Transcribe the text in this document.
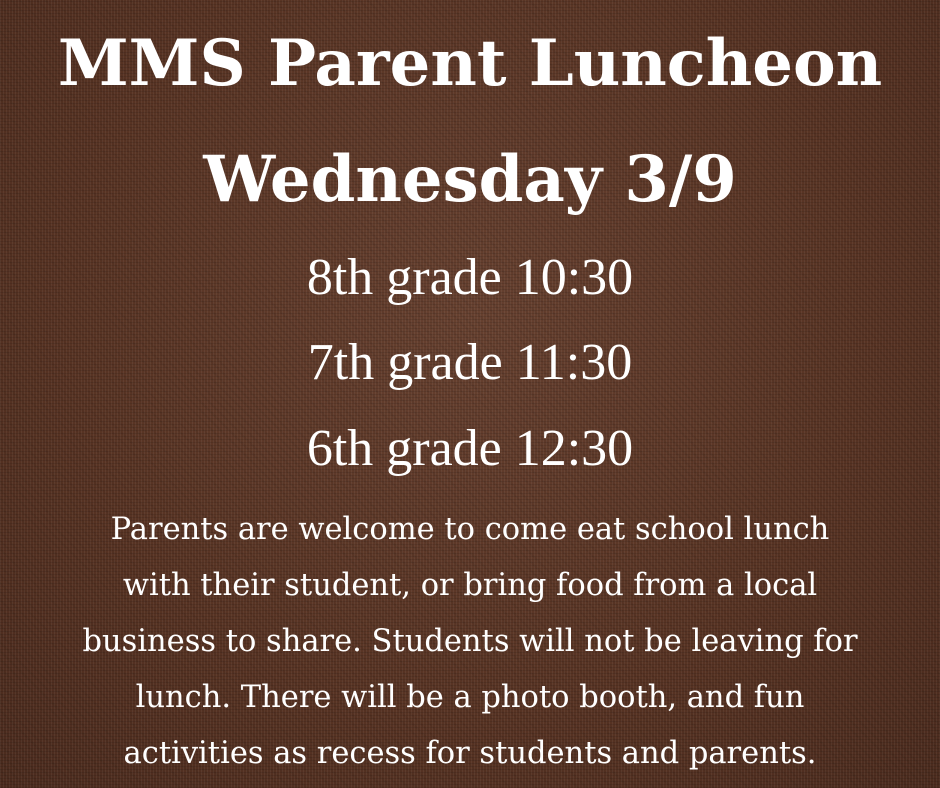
MMS Parent Luncheon
Wednesday 3/9
8th grade 10:30
7th grade 11:30
6th grade 12:30
Parents are welcome to come eat school lunch
with their student, or bring food from a local
business to share. Students will not be leaving for
lunch. There will be a photo booth, and fun
activities as recess for students and parents.
